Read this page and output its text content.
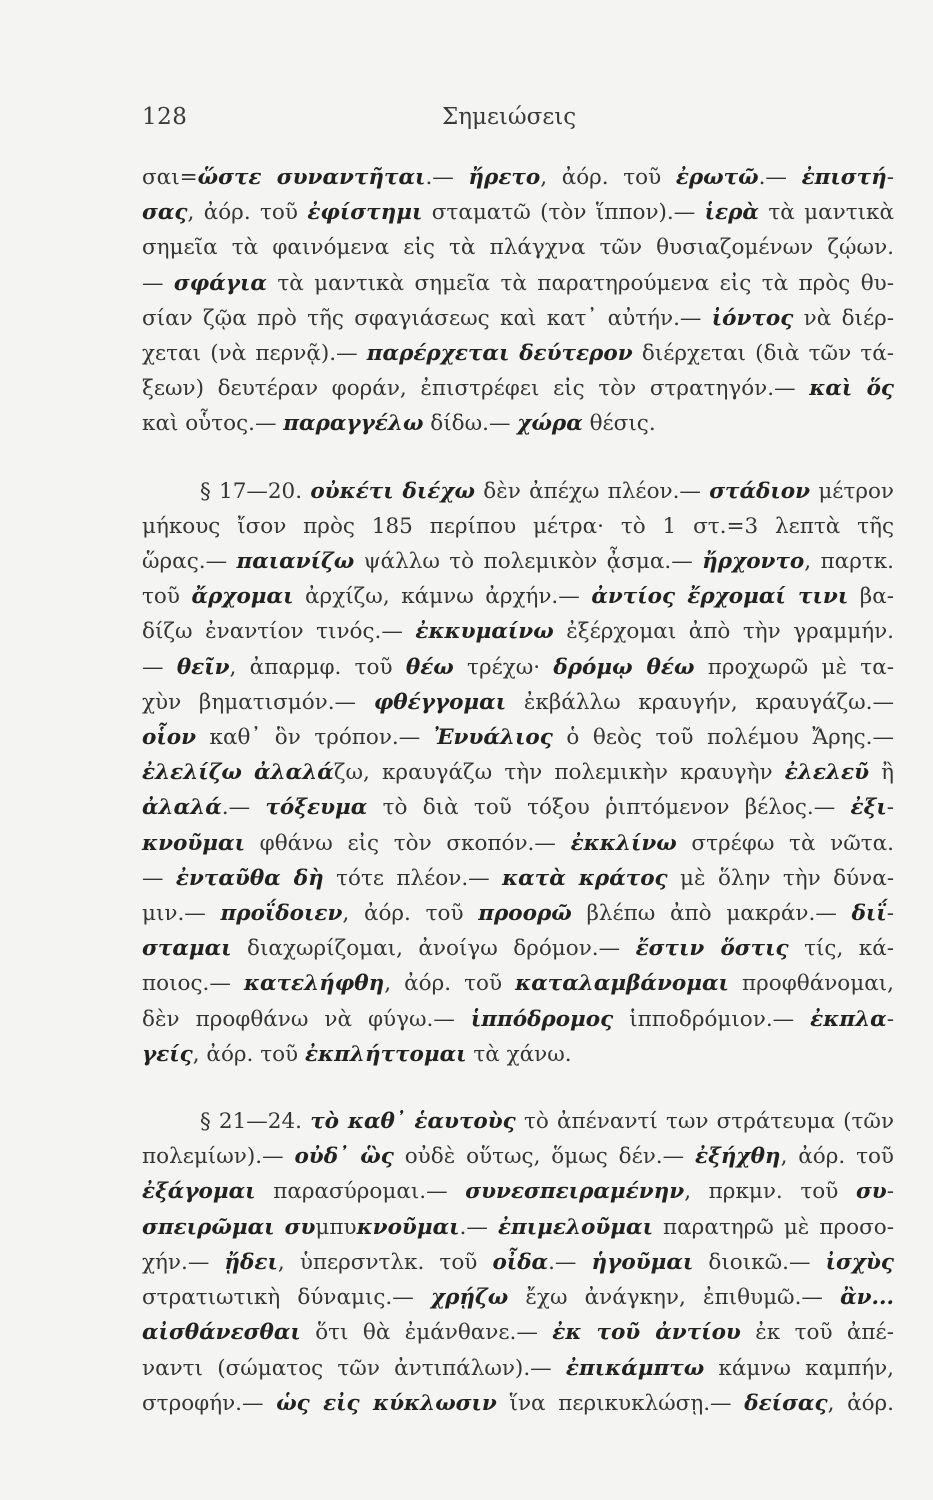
128	Σημειώσεις
σαι=ὥστε συναντῆται.— ἤρετο, ἀόρ. τοῦ ἐρωτῶ.— ἐπιστή-
σας, ἀόρ. τοῦ ἐφίστημι σταματῶ (τὸν ἵππον).— ἱερὰ τὰ μαντικὰ
σημεῖα τὰ φαινόμενα εἰς τὰ πλάγχνα τῶν θυσιαζομένων ζῴων.
— σφάγια τὰ μαντικὰ σημεῖα τὰ παρατηρούμενα εἰς τὰ πρὸς θυ-
σίαν ζῷα πρὸ τῆς σφαγιάσεως καὶ κατ᾽ αὐτήν.— ἰόντος νὰ διέρ-
χεται (νὰ περνᾷ).— παρέρχεται δεύτερον διέρχεται (διὰ τῶν τά-
ξεων) δευτέραν φοράν, ἐπιστρέφει εἰς τὸν στρατηγόν.— καὶ ὅς
καὶ οὗτος.— παραγγέλω δίδω.— χώρα θέσις.
§ 17—20. οὐκέτι διέχω δὲν ἀπέχω πλέον.— στάδιον μέτρον
μήκους ἴσον πρὸς 185 περίπου μέτρα· τὸ 1 στ.=3 λεπτὰ τῆς
ὥρας.— παιανίζω ψάλλω τὸ πολεμικὸν ᾆσμα.— ἤρχοντο, παρτκ.
τοῦ ἄρχομαι ἀρχίζω, κάμνω ἀρχήν.— ἀντίος ἔρχομαί τινι βα-
δίζω ἐναντίον τινός.— ἐκκυμαίνω ἐξέρχομαι ἀπὸ τὴν γραμμήν.
— θεῖν, ἀπαρμφ. τοῦ θέω τρέχω· δρόμῳ θέω προχωρῶ μὲ τα-
χὺν βηματισμόν.— φθέγγομαι ἐκβάλλω κραυγήν, κραυγάζω.—
οἷον καθ᾽ ὃν τρόπον.— Ἐνυάλιος ὁ θεὸς τοῦ πολέμου Ἄρης.—
ἐλελίζω ἀλαλάζω, κραυγάζω τὴν πολεμικὴν κραυγὴν ἐλελεῦ ἢ
ἀλαλά.— τόξευμα τὸ διὰ τοῦ τόξου ῥιπτόμενον βέλος.— ἐξι-
κνοῦμαι φθάνω εἰς τὸν σκοπόν.— ἐκκλίνω στρέφω τὰ νῶτα.
— ἐνταῦθα δὴ τότε πλέον.— κατὰ κράτος μὲ ὅλην τὴν δύνα-
μιν.— προΐδοιεν, ἀόρ. τοῦ προορῶ βλέπω ἀπὸ μακράν.— διΐ-
σταμαι διαχωρίζομαι, ἀνοίγω δρόμον.— ἔστιν ὅστις τίς, κά-
ποιος.— κατελήφθη, ἀόρ. τοῦ καταλαμβάνομαι προφθάνομαι,
δὲν προφθάνω νὰ φύγω.— ἱππόδρομος ἱπποδρόμιον.— ἐκπλα-
γείς, ἀόρ. τοῦ ἐκπλήττομαι τὰ χάνω.
§ 21—24. τὸ καθ᾽ ἑαυτοὺς τὸ ἀπέναντί των στράτευμα (τῶν
πολεμίων).— οὐδ᾽ ὣς οὐδὲ οὕτως, ὅμως δέν.— ἐξήχθη, ἀόρ. τοῦ
ἐξάγομαι παρασύρομαι.— συνεσπειραμένην, πρκμν. τοῦ συ-
σπειρῶμαι συμπυκνοῦμαι.— ἐπιμελοῦμαι παρατηρῶ μὲ προσο-
χήν.— ᾔδει, ὑπερσντλκ. τοῦ οἶδα.— ἡγοῦμαι διοικῶ.— ἰσχὺς
στρατιωτικὴ δύναμις.— χρῄζω ἔχω ἀνάγκην, ἐπιθυμῶ.— ἂν...
αἰσθάνεσθαι ὅτι θὰ ἐμάνθανε.— ἐκ τοῦ ἀντίου ἐκ τοῦ ἀπέ-
ναντι (σώματος τῶν ἀντιπάλων).— ἐπικάμπτω κάμνω καμπήν,
στροφήν.— ὡς εἰς κύκλωσιν ἵνα περικυκλώσῃ.— δείσας, ἀόρ.
